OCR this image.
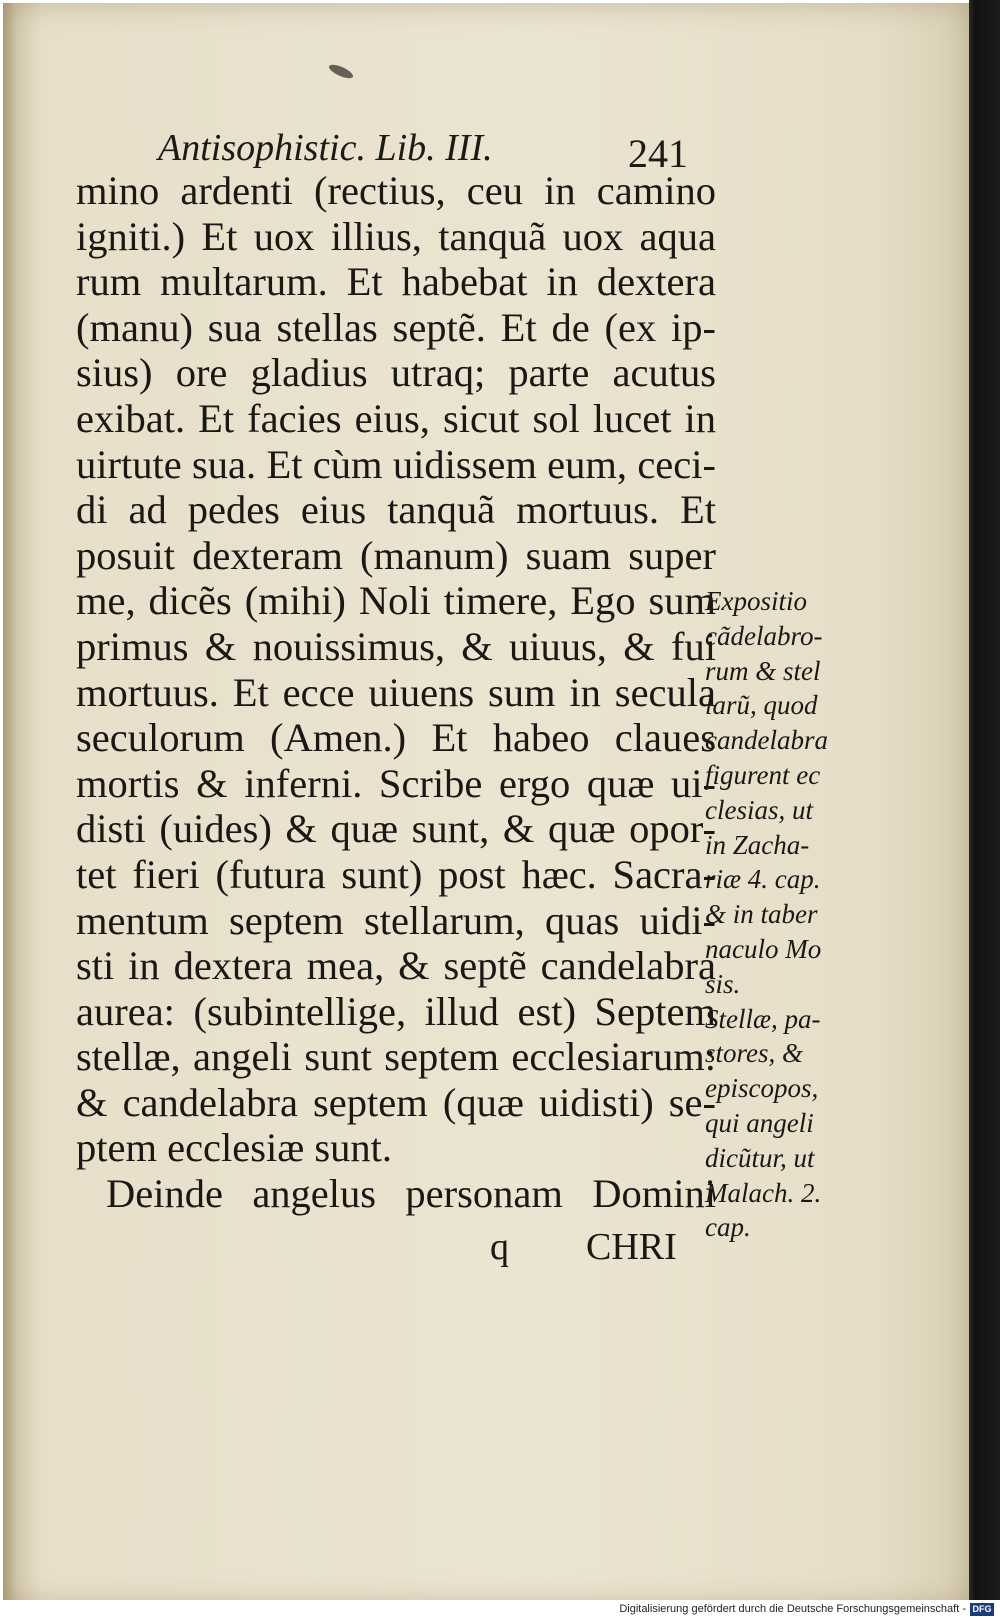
Antisophistic. Lib. III.	241
mino ardenti (rectius, ceu in camino
igniti.) Et uox illius, tanquã uox aqua
rum multarum. Et habebat in dextera
(manu) sua stellas septẽ. Et de (ex ip-
sius) ore gladius utraq; parte acutus
exibat. Et facies eius, sicut sol lucet in
uirtute sua. Et cùm uidissem eum, ceci-
di ad pedes eius tanquã mortuus. Et
posuit dexteram (manum) suam super
me, dicẽs (mihi) Noli timere, Ego sum
primus & nouissimus, & uiuus, & fui
mortuus. Et ecce uiuens sum in secula
seculorum (Amen.) Et habeo claues
mortis & inferni. Scribe ergo quæ ui-
disti (uides) & quæ sunt, & quæ opor-
tet fieri (futura sunt) post hæc. Sacra-
mentum septem stellarum, quas uidi-
sti in dextera mea, & septẽ candelabra
aurea: (subintellige, illud est) Septem
stellæ, angeli sunt septem ecclesiarum:
& candelabra septem (quæ uidisti) se-
ptem ecclesiæ sunt.
Deinde angelus personam Domini
q CHRI
Expositio
cãdelabro-
rum & stel
larũ, quod
candelabra
figurent ec
clesias, ut
in Zacha-
riæ 4. cap.
& in taber
naculo Mo
sis.
Stellæ, pa-
stores, &
episcopos,
qui angeli
dicũtur, ut
Malach. 2.
cap.
Digitalisierung gefördert durch die Deutsche Forschungsgemeinschaft - DFG
